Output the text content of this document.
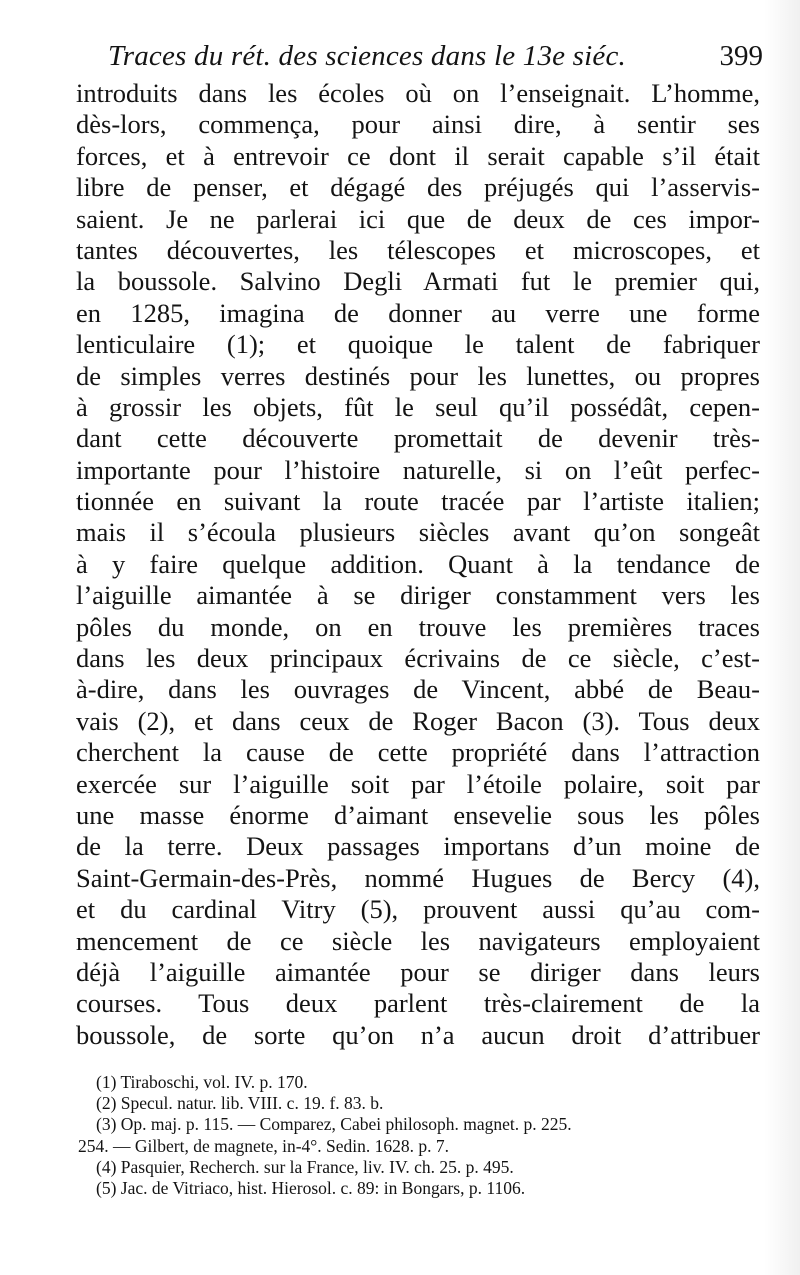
Traces du rét. des sciences dans le 13e siéc.	399
introduits dans les écoles où on l’enseignait. L’homme,
dès-lors, commença, pour ainsi dire, à sentir ses
forces, et à entrevoir ce dont il serait capable s’il était
libre de penser, et dégagé des préjugés qui l’asservis-
saient. Je ne parlerai ici que de deux de ces impor-
tantes découvertes, les télescopes et microscopes, et
la boussole. Salvino Degli Armati fut le premier qui,
en 1285, imagina de donner au verre une forme
lenticulaire (1); et quoique le talent de fabriquer
de simples verres destinés pour les lunettes, ou propres
à grossir les objets, fût le seul qu’il possédât, cepen-
dant cette découverte promettait de devenir très-
importante pour l’histoire naturelle, si on l’eût perfec-
tionnée en suivant la route tracée par l’artiste italien;
mais il s’écoula plusieurs siècles avant qu’on songeât
à y faire quelque addition. Quant à la tendance de
l’aiguille aimantée à se diriger constamment vers les
pôles du monde, on en trouve les premières traces
dans les deux principaux écrivains de ce siècle, c’est-
à-dire, dans les ouvrages de Vincent, abbé de Beau-
vais (2), et dans ceux de Roger Bacon (3). Tous deux
cherchent la cause de cette propriété dans l’attraction
exercée sur l’aiguille soit par l’étoile polaire, soit par
une masse énorme d’aimant ensevelie sous les pôles
de la terre. Deux passages importans d’un moine de
Saint-Germain-des-Près, nommé Hugues de Bercy (4),
et du cardinal Vitry (5), prouvent aussi qu’au com-
mencement de ce siècle les navigateurs employaient
déjà l’aiguille aimantée pour se diriger dans leurs
courses. Tous deux parlent très-clairement de la
boussole, de sorte qu’on n’a aucun droit d’attribuer
(1) Tiraboschi, vol. IV. p. 170.
(2) Specul. natur. lib. VIII. c. 19. f. 83. b.
(3) Op. maj. p. 115. — Comparez, Cabei philosoph. magnet. p. 225.
254. — Gilbert, de magnete, in-4°. Sedin. 1628. p. 7.
(4) Pasquier, Recherch. sur la France, liv. IV. ch. 25. p. 495.
(5) Jac. de Vitriaco, hist. Hierosol. c. 89: in Bongars, p. 1106.
